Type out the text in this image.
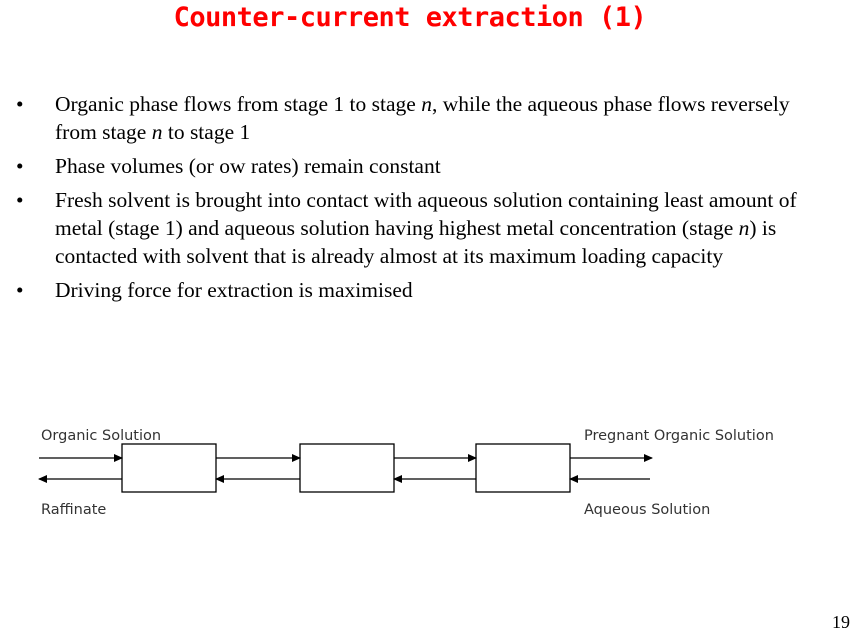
Counter-current extraction (1)
• Organic phase flows from stage 1 to stage n, while the aqueous phase flows reversely from stage n to stage 1
• Phase volumes (or ow rates) remain constant
• Fresh solvent is brought into contact with aqueous solution containing least amount of metal (stage 1) and aqueous solution having highest metal concentration (stage n) is contacted with solvent that is already almost at its maximum loading capacity
• Driving force for extraction is maximised
Organic Solution	Pregnant Organic Solution
Raffinate	Aqueous Solution
19
